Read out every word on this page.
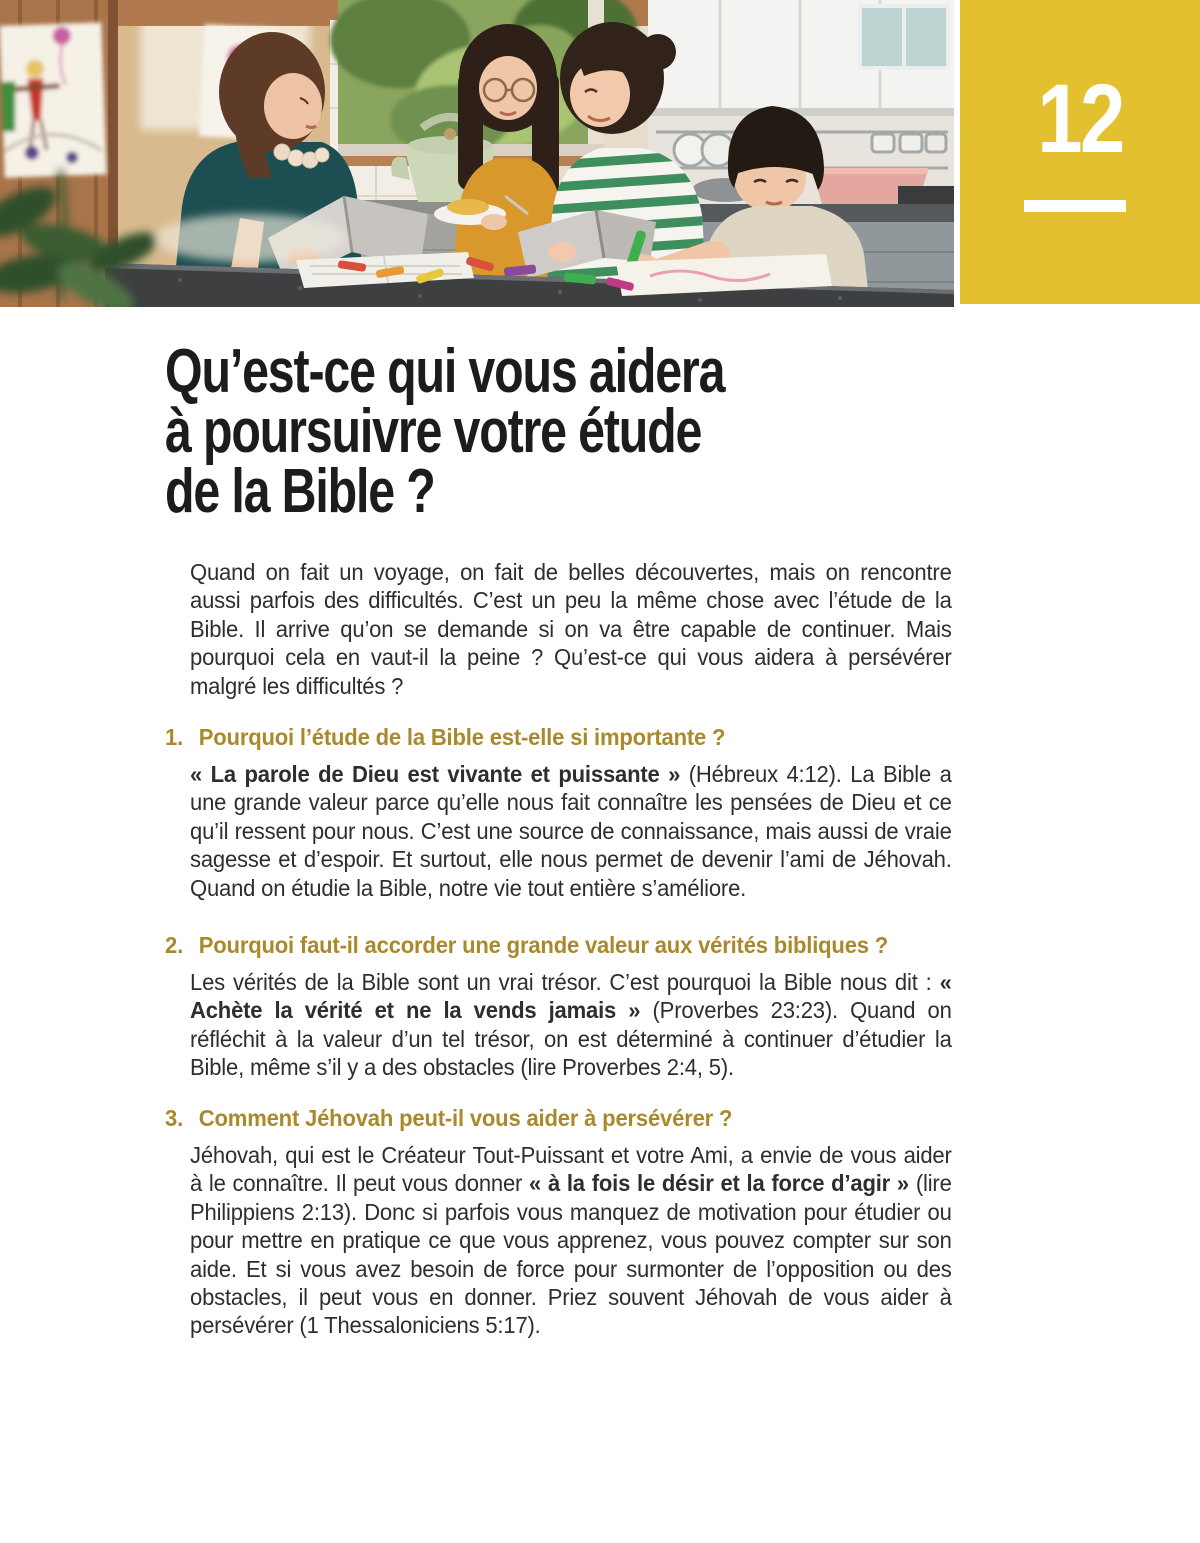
12
Qu’est-ce qui vous aidera
à poursuivre votre étude
de la Bible ?

Quand on fait un voyage, on fait de belles découvertes, mais on rencontre aussi parfois des difficultés. C’est un peu la même chose avec l’étude de la Bible. Il arrive qu’on se demande si on va être capable de continuer. Mais pourquoi cela en vaut-il la peine ? Qu’est-ce qui vous aidera à persévérer malgré les difficultés ?

1. Pourquoi l’étude de la Bible est-elle si importante ?

« La parole de Dieu est vivante et puissante » (Hébreux 4:12). La Bible a une grande valeur parce qu’elle nous fait connaître les pensées de Dieu et ce qu’il ressent pour nous. C’est une source de connaissance, mais aussi de vraie sagesse et d’espoir. Et surtout, elle nous permet de devenir l’ami de Jéhovah. Quand on étudie la Bible, notre vie tout entière s’améliore.

2. Pourquoi faut-il accorder une grande valeur aux vérités bibliques ?

Les vérités de la Bible sont un vrai trésor. C’est pourquoi la Bible nous dit : « Achète la vérité et ne la vends jamais » (Proverbes 23:23). Quand on réfléchit à la valeur d’un tel trésor, on est déterminé à continuer d’étudier la Bible, même s’il y a des obstacles (lire Proverbes 2:4, 5).

3. Comment Jéhovah peut-il vous aider à persévérer ?

Jéhovah, qui est le Créateur Tout-Puissant et votre Ami, a envie de vous aider à le connaître. Il peut vous donner « à la fois le désir et la force d’agir » (lire Philippiens 2:13). Donc si parfois vous manquez de motivation pour étudier ou pour mettre en pratique ce que vous apprenez, vous pouvez compter sur son aide. Et si vous avez besoin de force pour surmonter de l’opposition ou des obstacles, il peut vous en donner. Priez souvent Jéhovah de vous aider à persévérer (1 Thessaloniciens 5:17).
